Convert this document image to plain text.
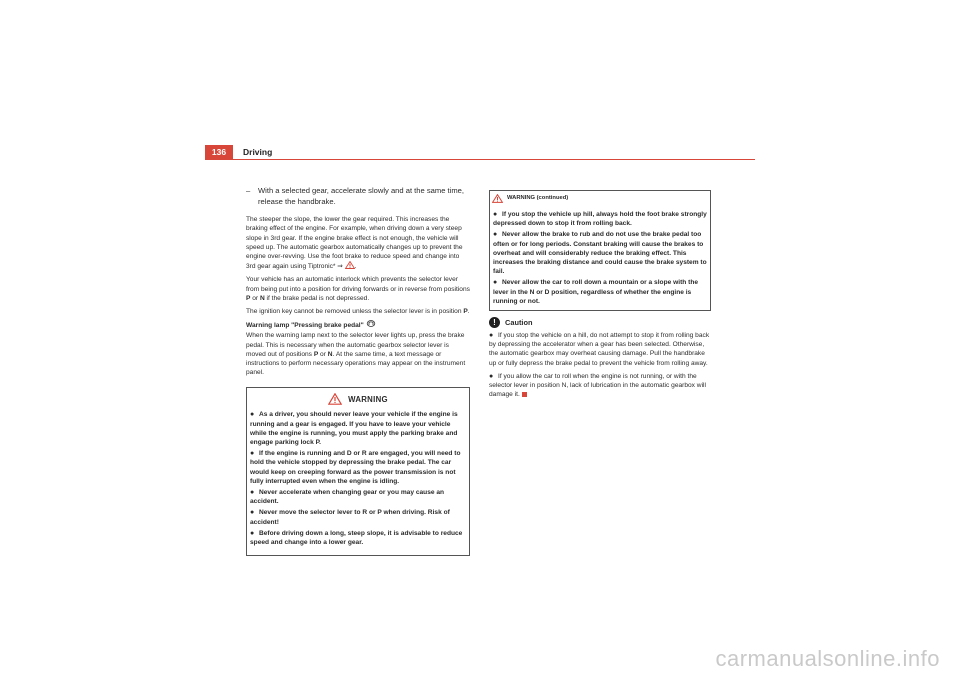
136	Driving
–	With a selected gear, accelerate slowly and at the same time, release the handbrake.

The steeper the slope, the lower the gear required. This increases the braking effect of the engine. For example, when driving down a very steep slope in 3rd gear. If the engine brake effect is not enough, the vehicle will speed up. The automatic gearbox automatically changes up to prevent the engine over-revving. Use the foot brake to reduce speed and change into 3rd gear again using Tiptronic* ⇒ .

Your vehicle has an automatic interlock which prevents the selector lever from being put into a position for driving forwards or in reverse from positions P or N if the brake pedal is not depressed.

The ignition key cannot be removed unless the selector lever is in position P.

Warning lamp "Pressing brake pedal"

When the warning lamp next to the selector lever lights up, press the brake pedal. This is necessary when the automatic gearbox selector lever is moved out of positions P or N. At the same time, a text message or instructions to perform necessary operations may appear on the instrument panel.

WARNING
● As a driver, you should never leave your vehicle if the engine is running and a gear is engaged. If you have to leave your vehicle while the engine is running, you must apply the parking brake and engage parking lock P.
● If the engine is running and D or R are engaged, you will need to hold the vehicle stopped by depressing the brake pedal. The car would keep on creeping forward as the power transmission is not fully interrupted even when the engine is idling.
● Never accelerate when changing gear or you may cause an accident.
● Never move the selector lever to R or P when driving. Risk of accident!
● Before driving down a long, steep slope, it is advisable to reduce speed and change into a lower gear.
WARNING (continued)
● If you stop the vehicle up hill, always hold the foot brake strongly depressed down to stop it from rolling back.
● Never allow the brake to rub and do not use the brake pedal too often or for long periods. Constant braking will cause the brakes to overheat and will considerably reduce the braking effect. This increases the braking distance and could cause the brake system to fail.
● Never allow the car to roll down a mountain or a slope with the lever in the N or D position, regardless of whether the engine is running or not.
!	Caution

● If you stop the vehicle on a hill, do not attempt to stop it from rolling back by depressing the accelerator when a gear has been selected. Otherwise, the automatic gearbox may overheat causing damage. Pull the handbrake up or fully depress the brake pedal to prevent the vehicle from rolling away.

● If you allow the car to roll when the engine is not running, or with the selector lever in position N, lack of lubrication in the automatic gearbox will damage it.

carmanualsonline.info
